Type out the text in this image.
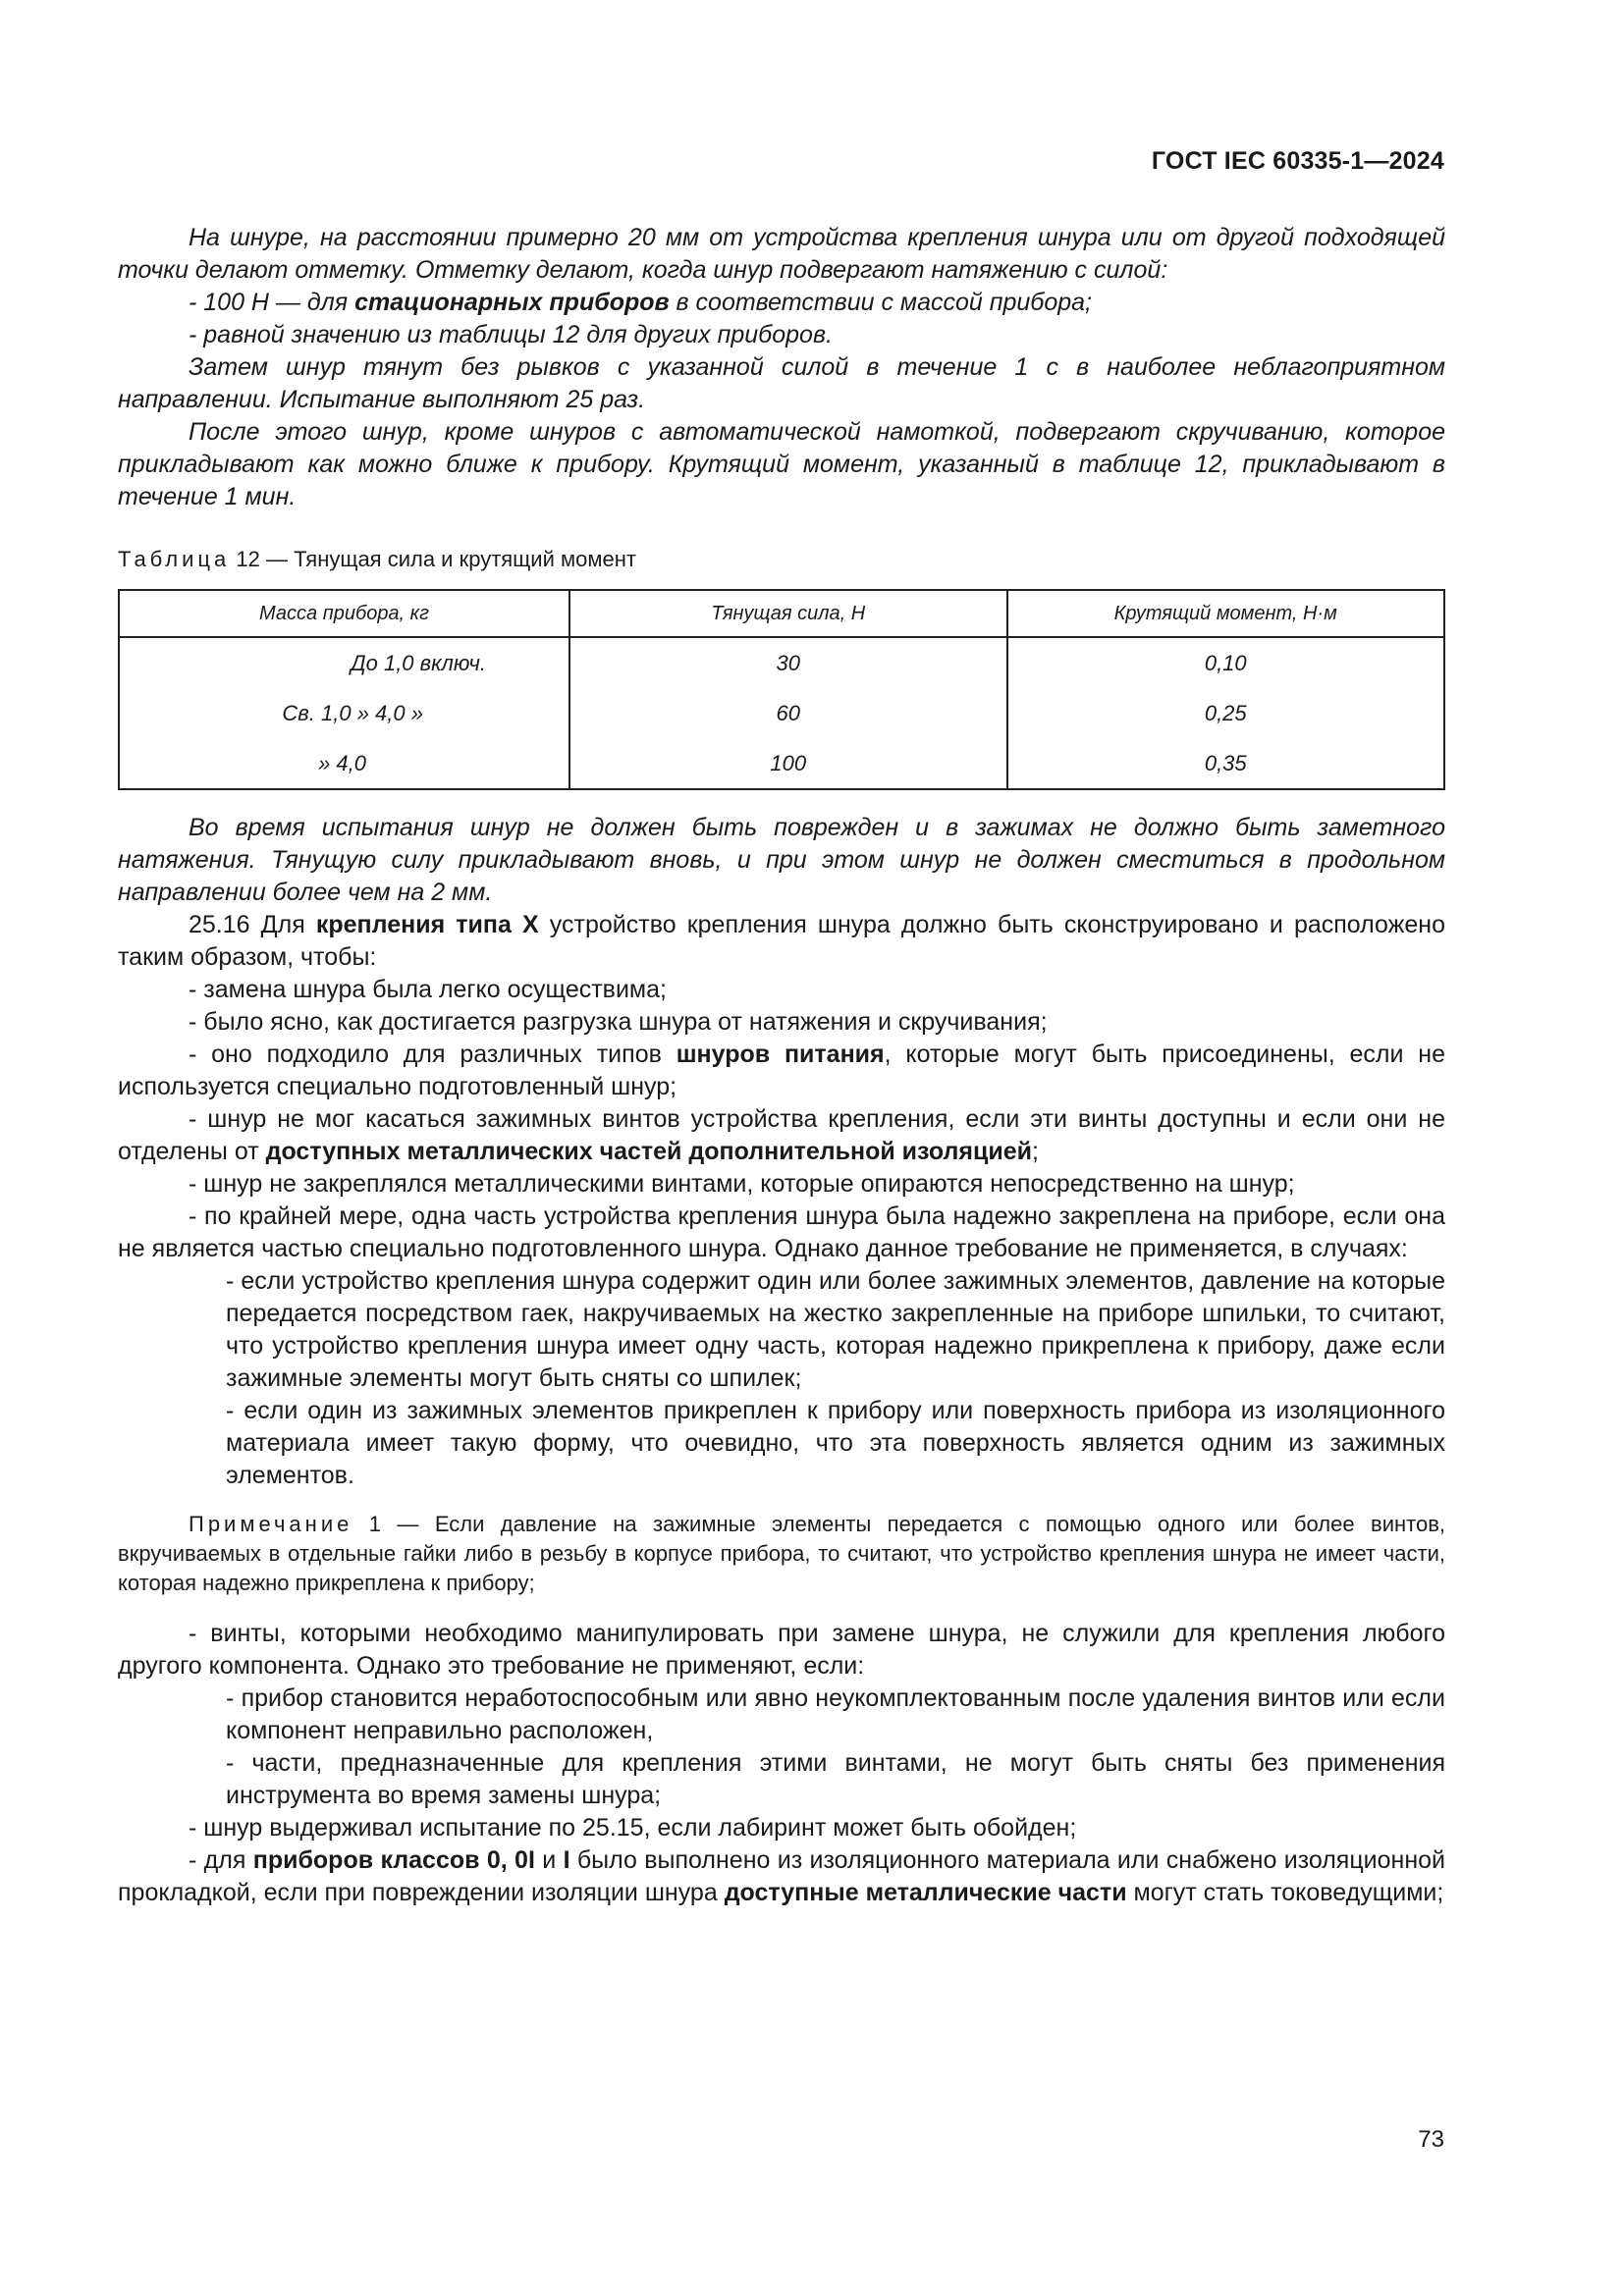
ГОСТ IEC 60335-1—2024

На шнуре, на расстоянии примерно 20 мм от устройства крепления шнура или от другой подходящей точки делают отметку. Отметку делают, когда шнур подвергают натяжению с силой:

- 100 Н — для стационарных приборов в соответствии с массой прибора;

- равной значению из таблицы 12 для других приборов.

Затем шнур тянут без рывков с указанной силой в течение 1 с в наиболее неблагоприятном направлении. Испытание выполняют 25 раз.

После этого шнур, кроме шнуров с автоматической намоткой, подвергают скручиванию, которое прикладывают как можно ближе к прибору. Крутящий момент, указанный в таблице 12, прикладывают в течение 1 мин.

Таблица 12 — Тянущая сила и крутящий момент

Масса прибора, кг	Тянущая сила, Н	Крутящий момент, Н·м
До 1,0 включ.	30	0,10
Св. 1,0 » 4,0 »	60	0,25
» 4,0	100	0,35

Во время испытания шнур не должен быть поврежден и в зажимах не должно быть заметного натяжения. Тянущую силу прикладывают вновь, и при этом шнур не должен сместиться в продольном направлении более чем на 2 мм.

25.16 Для крепления типа X устройство крепления шнура должно быть сконструировано и расположено таким образом, чтобы:

- замена шнура была легко осуществима;

- было ясно, как достигается разгрузка шнура от натяжения и скручивания;

- оно подходило для различных типов шнуров питания, которые могут быть присоединены, если не используется специально подготовленный шнур;

- шнур не мог касаться зажимных винтов устройства крепления, если эти винты доступны и если они не отделены от доступных металлических частей дополнительной изоляцией;

- шнур не закреплялся металлическими винтами, которые опираются непосредственно на шнур;

- по крайней мере, одна часть устройства крепления шнура была надежно закреплена на приборе, если она не является частью специально подготовленного шнура. Однако данное требование не применяется, в случаях:

- если устройство крепления шнура содержит один или более зажимных элементов, давление на которые передается посредством гаек, накручиваемых на жестко закрепленные на приборе шпильки, то считают, что устройство крепления шнура имеет одну часть, которая надежно прикреплена к прибору, даже если зажимные элементы могут быть сняты со шпилек;

- если один из зажимных элементов прикреплен к прибору или поверхность прибора из изоляционного материала имеет такую форму, что очевидно, что эта поверхность является одним из зажимных элементов.

Примечание 1 — Если давление на зажимные элементы передается с помощью одного или более винтов, вкручиваемых в отдельные гайки либо в резьбу в корпусе прибора, то считают, что устройство крепления шнура не имеет части, которая надежно прикреплена к прибору;

- винты, которыми необходимо манипулировать при замене шнура, не служили для крепления любого другого компонента. Однако это требование не применяют, если:

- прибор становится неработоспособным или явно неукомплектованным после удаления винтов или если компонент неправильно расположен,

- части, предназначенные для крепления этими винтами, не могут быть сняты без применения инструмента во время замены шнура;

- шнур выдерживал испытание по 25.15, если лабиринт может быть обойден;

- для приборов классов 0, 0I и I было выполнено из изоляционного материала или снабжено изоляционной прокладкой, если при повреждении изоляции шнура доступные металлические части могут стать токоведущими;

73
